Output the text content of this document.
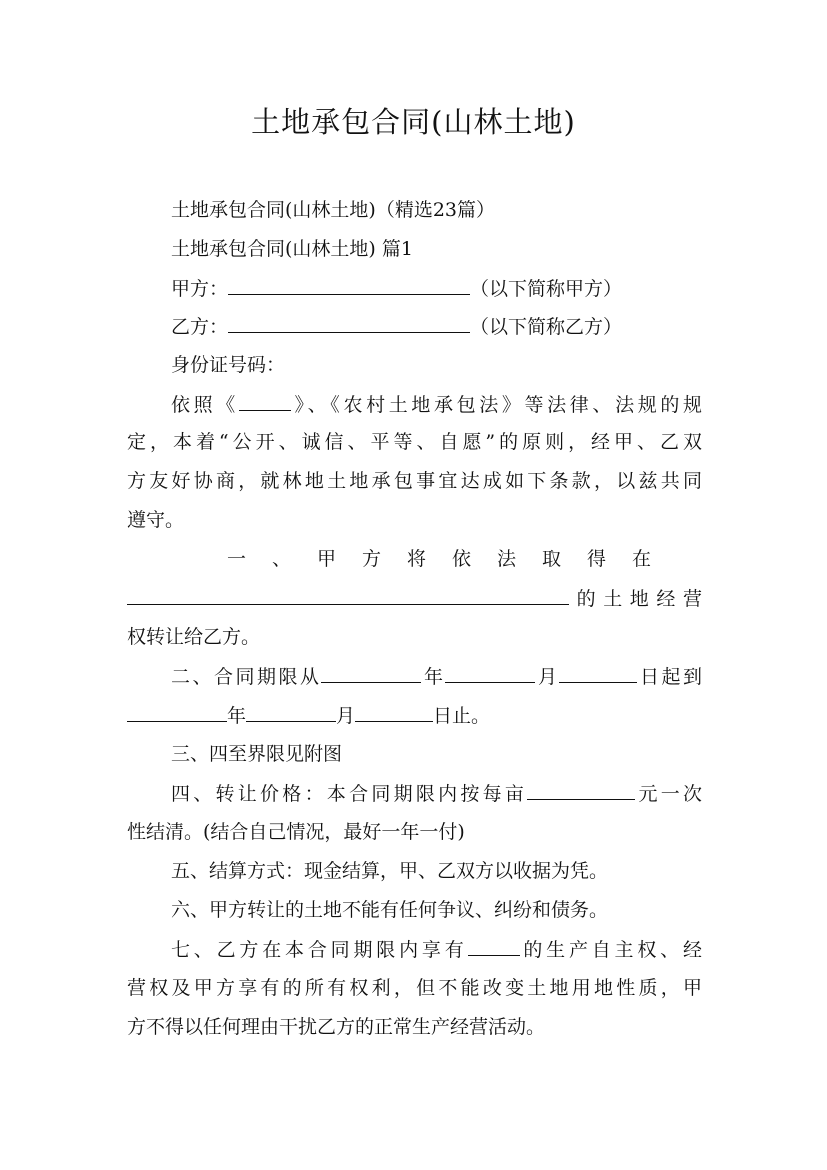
土地承包合同(山林土地)
土地承包合同(山林土地)（精选23篇）
土地承包合同(山林土地) 篇1
甲方：	（以下简称甲方）
乙方：	（以下简称乙方）
身份证号码：
依照《	》、《农村土地承包法》等法律、法规的规
定，本着“公开、诚信、平等、自愿”的原则，经甲、乙双
方友好协商，就林地土地承包事宜达成如下条款，以兹共同
遵守。
一、甲方将依法取得在
的土地经营
权转让给乙方。
二、合同期限从	年	月	日起到
年	月	日止。
三、四至界限见附图
四、转让价格：本合同期限内按每亩	元一次
性结清。(结合自己情况，最好一年一付)
五、结算方式：现金结算，甲、乙双方以收据为凭。
六、甲方转让的土地不能有任何争议、纠纷和债务。
七、乙方在本合同期限内享有	的生产自主权、经
营权及甲方享有的所有权利，但不能改变土地用地性质，甲
方不得以任何理由干扰乙方的正常生产经营活动。
